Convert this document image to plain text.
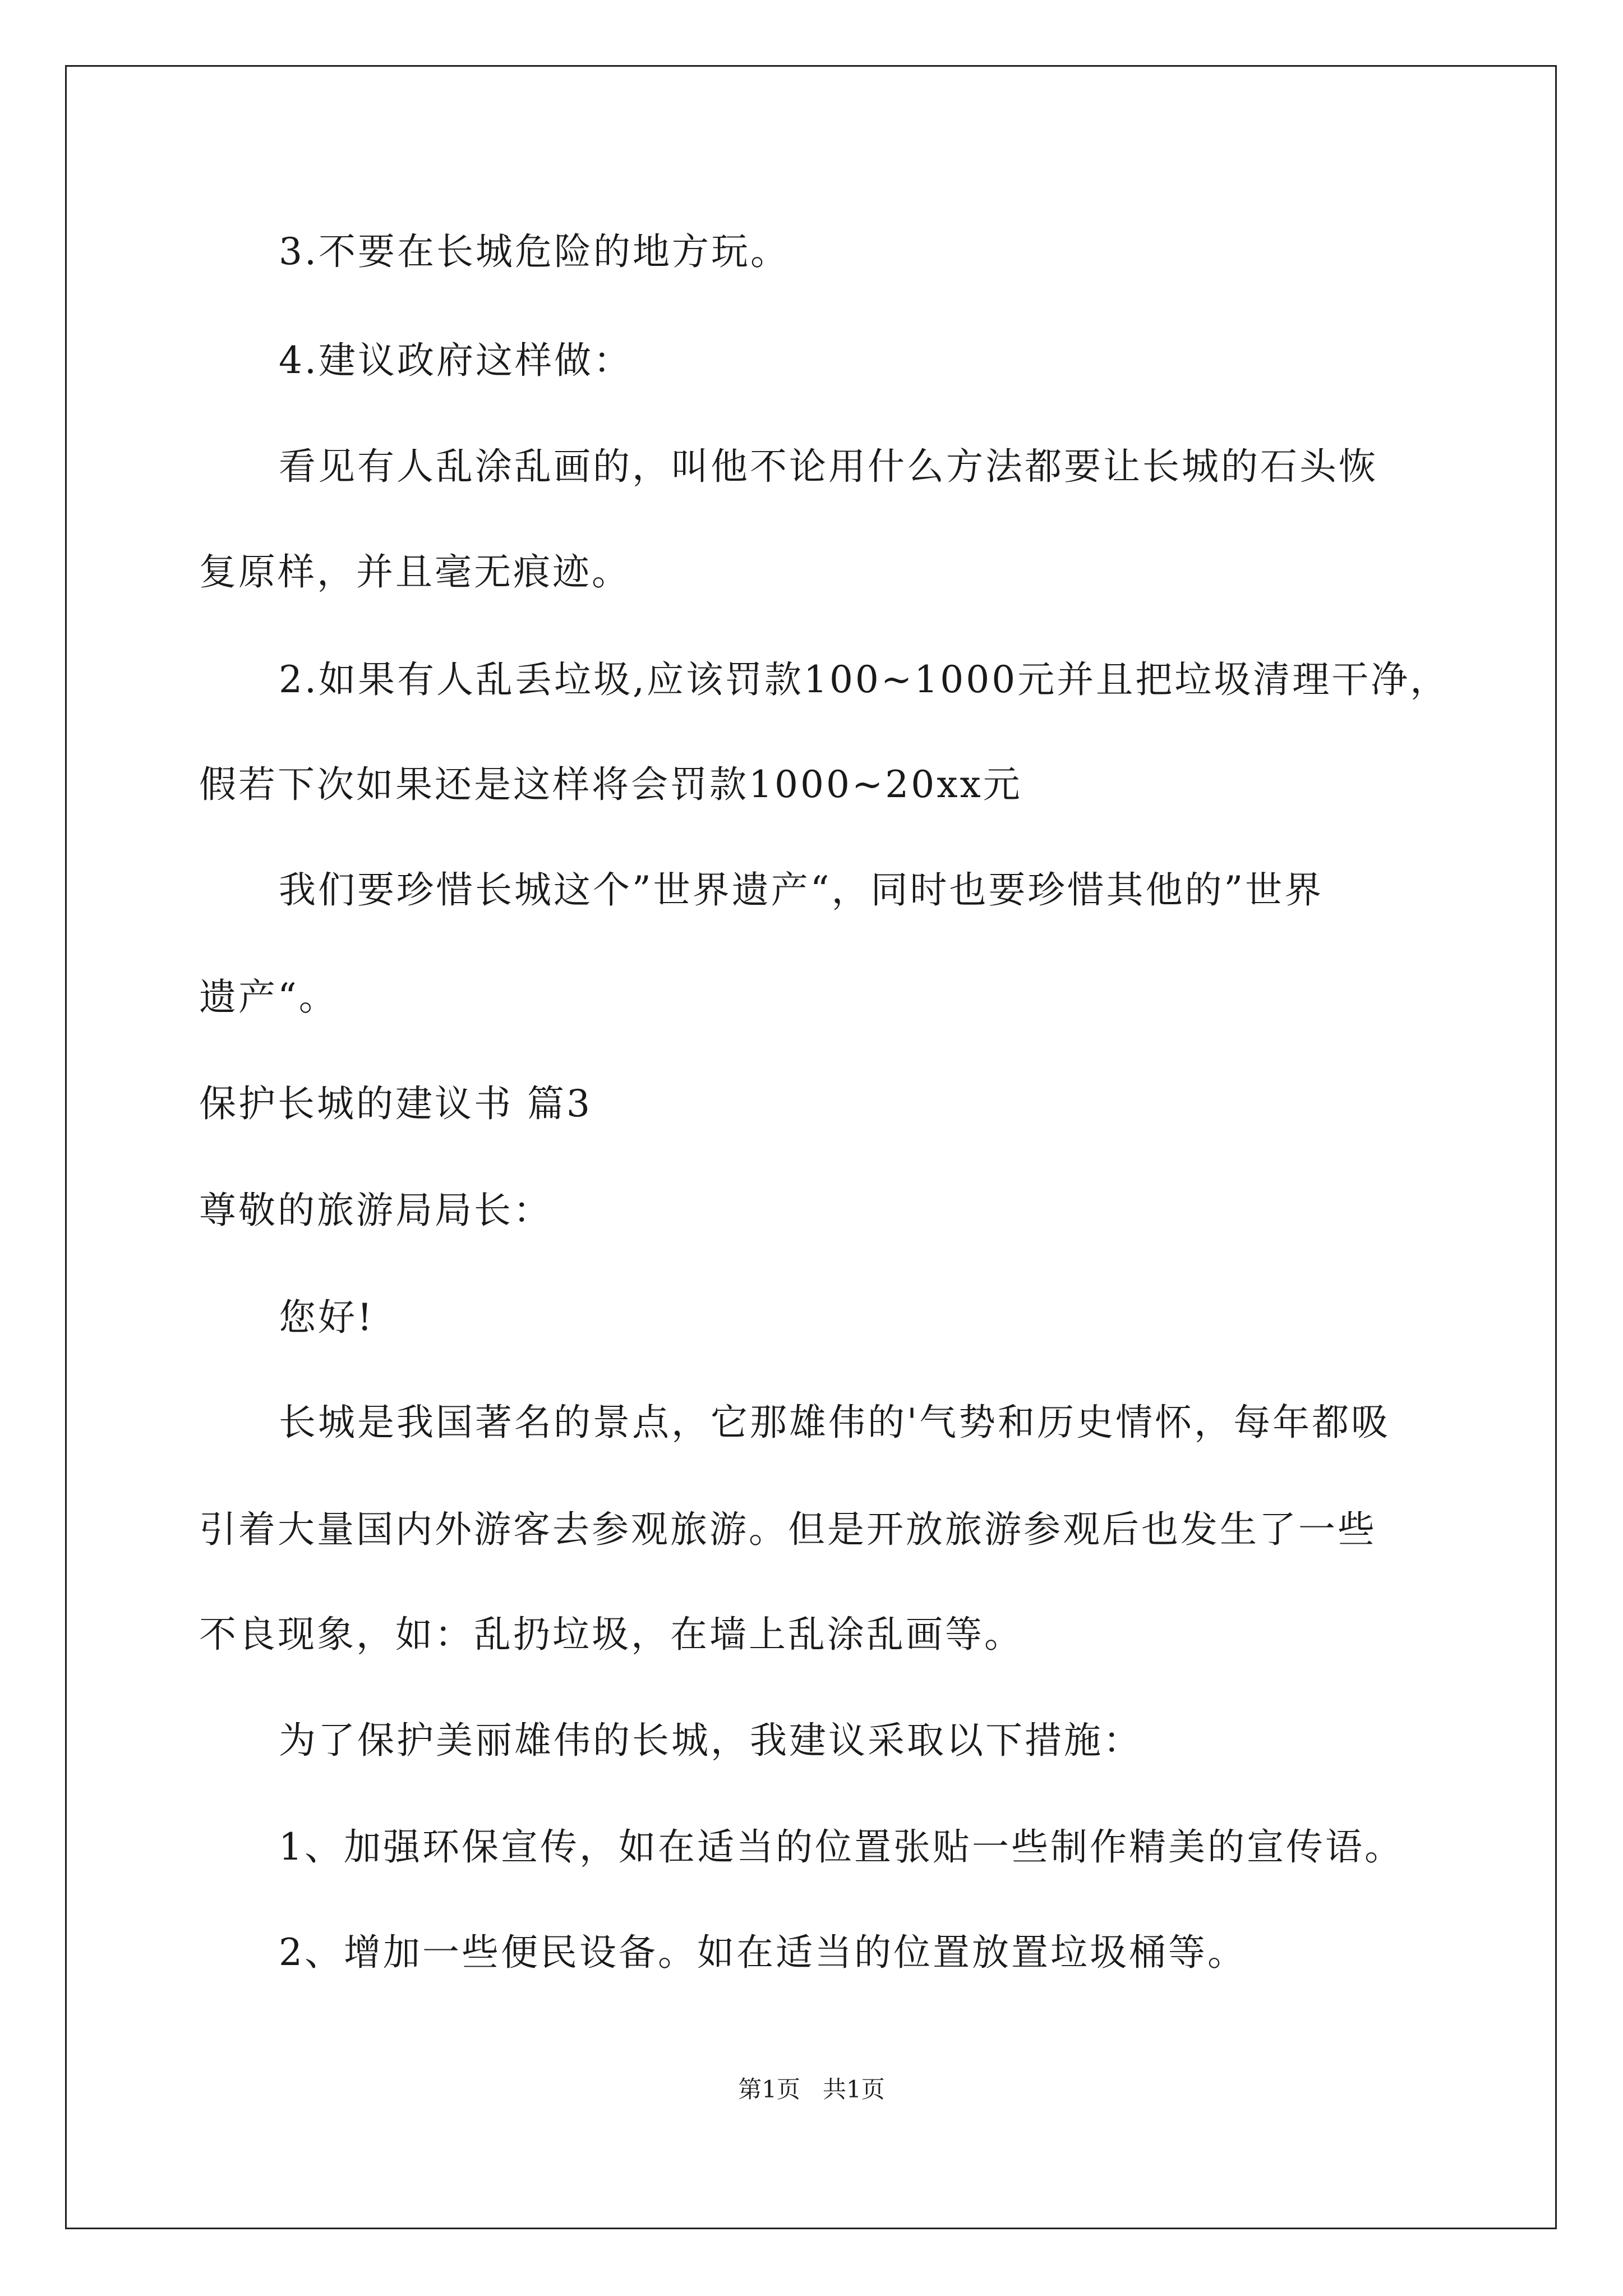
3.不要在长城危险的地方玩。

4.建议政府这样做：

看见有人乱涂乱画的，叫他不论用什么方法都要让长城的石头恢

复原样，并且毫无痕迹。

2.如果有人乱丢垃圾,应该罚款100~1000元并且把垃圾清理干净，

假若下次如果还是这样将会罚款1000~20xx元

我们要珍惜长城这个”世界遗产“，同时也要珍惜其他的”世界

遗产“。

保护长城的建议书 篇3

尊敬的旅游局局长：

您好!

长城是我国著名的景点，它那雄伟的'气势和历史情怀，每年都吸

引着大量国内外游客去参观旅游。但是开放旅游参观后也发生了一些

不良现象，如：乱扔垃圾，在墙上乱涂乱画等。

为了保护美丽雄伟的长城，我建议采取以下措施：

1、加强环保宣传，如在适当的位置张贴一些制作精美的宣传语。

2、增加一些便民设备。如在适当的位置放置垃圾桶等。

第1页   共1页
